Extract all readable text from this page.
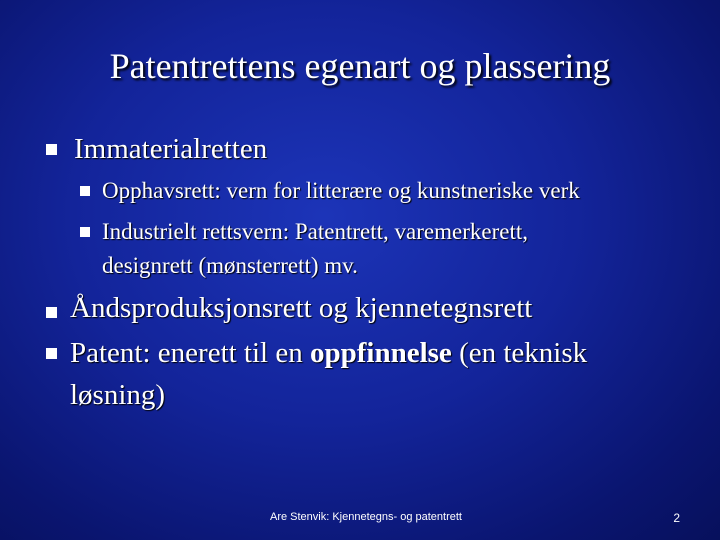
Patentrettens egenart og plassering
Immaterialretten
Opphavsrett: vern for litterære og kunstneriske verk
Industrielt rettsvern: Patentrett, varemerkerett,
designrett (mønsterrett) mv.
Åndsproduksjonsrett og kjennetegnsrett
Patent: enerett til en oppfinnelse (en teknisk
løsning)
Are Stenvik: Kjennetegns- og patentrett	2
